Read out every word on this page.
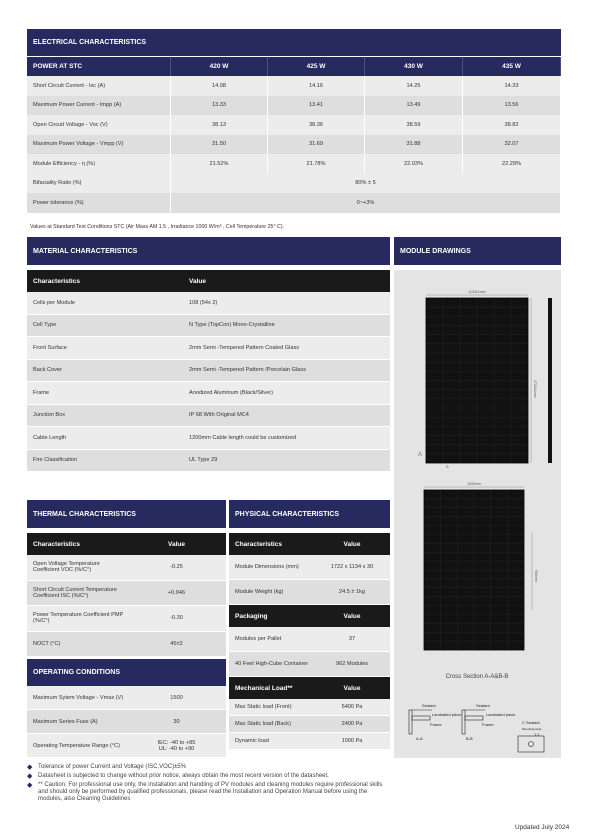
ELECTRICAL CHARACTERISTICS
POWER AT STC	420 W	425 W	430 W	435 W
Short Circuit Current - Isc (A)	14.08	14.16	14.25	14.33
Maximum Power Current - Impp (A)	13.33	13.41	13.49	13.56
Open Circuit Voltage - Voc (V)	38.13	38.36	38.59	38.82
Maximum Power Voltage - Vmpp (V)	31.50	31.69	31.88	32.07
Module Efficiency - η (%)	21.52%	21.78%	22.03%	22.29%
Bifaciality Ratio (%)	80% ± 5
Power tolerance (%)	0~+3%
Values at Standard Test Conditions STC (Air Mass AM 1.5 , Irradiance 1000 W/m² , Cell Temperature 25° C).
MATERIAL CHARACTERISTICS
Characteristics	Value
Cells per Module	108 (54x 2)
Cell Type	N Type (TopCon) Mono-Crystalline
Front Surface	2mm Semi -Tempered Pattern Coated Glass
Back Cover	2mm Semi -Tempered Pattern /Porcelain Glass
Frame	Anodized Aluminum (Black/Silver)
Junction Box	IP 68 With Original MC4
Cable Length	1200mm Cable length could be customized
Fire Classification	UL Type 29
MODULE DRAWINGS
1134±1mm
1722±1mm
A
B
1092mm
900mm
Cross Section A-A&B-B
Sealant
Laminated piece
Frame
A-A
Sealant
Laminated piece
Frame
B-B
C Sealant
Mounting Hole
1:1
THERMAL CHARACTERISTICS
Characteristics	Value
Open Voltage Temperature Coefficient VOC (%/C°)	-0.25
Short Circuit Current Temperature Coefficient ISC (%/C°)	+0.046
Power Temperature Coefficient PMP (%/C°)	-0.30
NOCT (°C)	45±2
OPERATING CONDITIONS
Maximum Sytem Voltage - Vmax (V)	1500
Maximum Series Fuse (A)	30
Operating Temperature Range (°C)	IEC: -40 to +85
UL: -40 to +90
PHYSICAL CHARACTERISTICS
Characteristics	Value
Module Dimensions (mm)	1722 x 1134 x 30
Module Weight (kg)	24.5 ± 1kg
Packaging	Value
Modules per Pallet	37
40 Feet High-Cube Container	962 Modules
Mechanical Load**	Value
Max Static load (Front)	5400 Pa
Max Static load (Back)	2400 Pa
Dynamic load	1000 Pa
◆ Tolerance of power Current and Voltage (ISC,VOC)±5%
◆ Datasheet is subjected to change without prior notice, always obtain the most recent version of the datasheet.
◆ ** Caution: For professional use only, the installation and handling of PV modules and cleaning modules require professional skills and should only be performed by qualified professionals, please read the Installation and Operation Manual before using the modules, also Cleaning Guidelines
Updated July 2024
